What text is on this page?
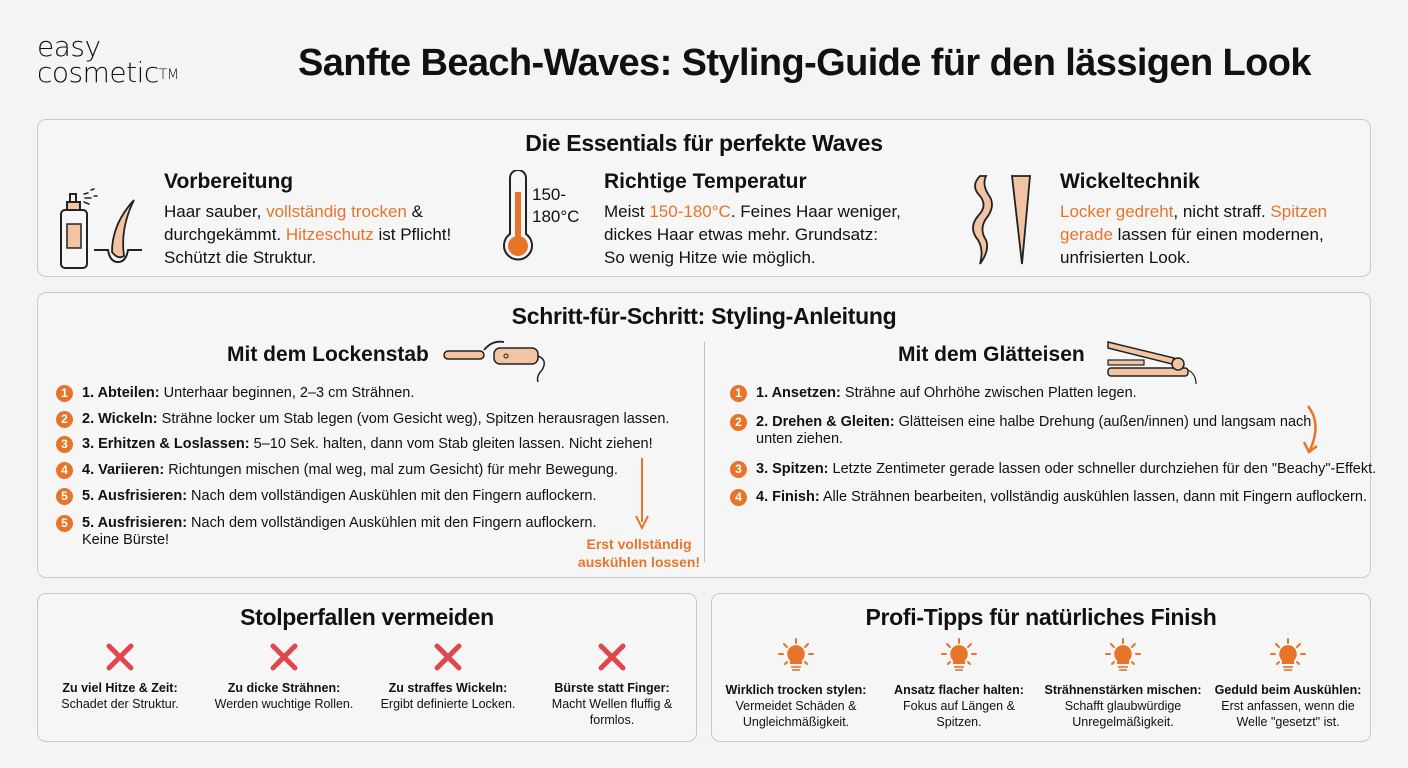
easy
cosmetic™	Sanfte Beach-Waves: Styling-Guide für den lässigen Look
Die Essentials für perfekte Waves
Vorbereitung

Haar sauber, vollständig trocken &
durchgekämmt. Hitzeschutz ist Pflicht!
Schützt die Struktur.

150-
180°C
Richtige Temperatur

Meist 150-180°C. Feines Haar weniger,
dickes Haar etwas mehr. Grundsatz:
So wenig Hitze wie möglich.

Wickeltechnik

Locker gedreht, nicht straff. Spitzen
gerade lassen für einen modernen,
unfrisierten Look.

Schritt-für-Schritt: Styling-Anleitung
Mit dem Lockenstab	Mit dem Glätteisen
1 1. Abteilen: Unterhaar beginnen, 2–3 cm Strähnen.
2 2. Wickeln: Strähne locker um Stab legen (vom Gesicht weg), Spitzen herausragen lassen.
3 3. Erhitzen & Loslassen: 5–10 Sek. halten, dann vom Stab gleiten lassen. Nicht ziehen!
4 4. Variieren: Richtungen mischen (mal weg, mal zum Gesicht) für mehr Bewegung.
5 5. Ausfrisieren: Nach dem vollständigen Auskühlen mit den Fingern auflockern.
5 5. Ausfrisieren: Nach dem vollständigen Auskühlen mit den Fingern auflockern.
Keine Bürste!
1 1. Ansetzen: Strähne auf Ohrhöhe zwischen Platten legen.
2 2. Drehen & Gleiten: Glätteisen eine halbe Drehung (außen/innen) und langsam nach
unten ziehen.
3 3. Spitzen: Letzte Zentimeter gerade lassen oder schneller durchziehen für den "Beachy"-Effekt.
4 4. Finish: Alle Strähnen bearbeiten, vollständig auskühlen lassen, dann mit Fingern auflockern.
Erst vollständig
auskühlen lossen!
Stolperfallen vermeiden
Zu viel Hitze & Zeit:
Schadet der Struktur.

Zu dicke Strähnen:
Werden wuchtige Rollen.

Zu straffes Wickeln:
Ergibt definierte Locken.

Bürste statt Finger:
Macht Wellen fluffig &
formlos.
Profi-Tipps für natürliches Finish
Wirklich trocken stylen:
Vermeidet Schäden &
Ungleichmäßigkeit.
Ansatz flacher halten:
Fokus auf Längen &
Spitzen.
Strähnenstärken mischen:
Schafft glaubwürdige
Unregelmäßigkeit.
Geduld beim Auskühlen:
Erst anfassen, wenn die
Welle "gesetzt" ist.
